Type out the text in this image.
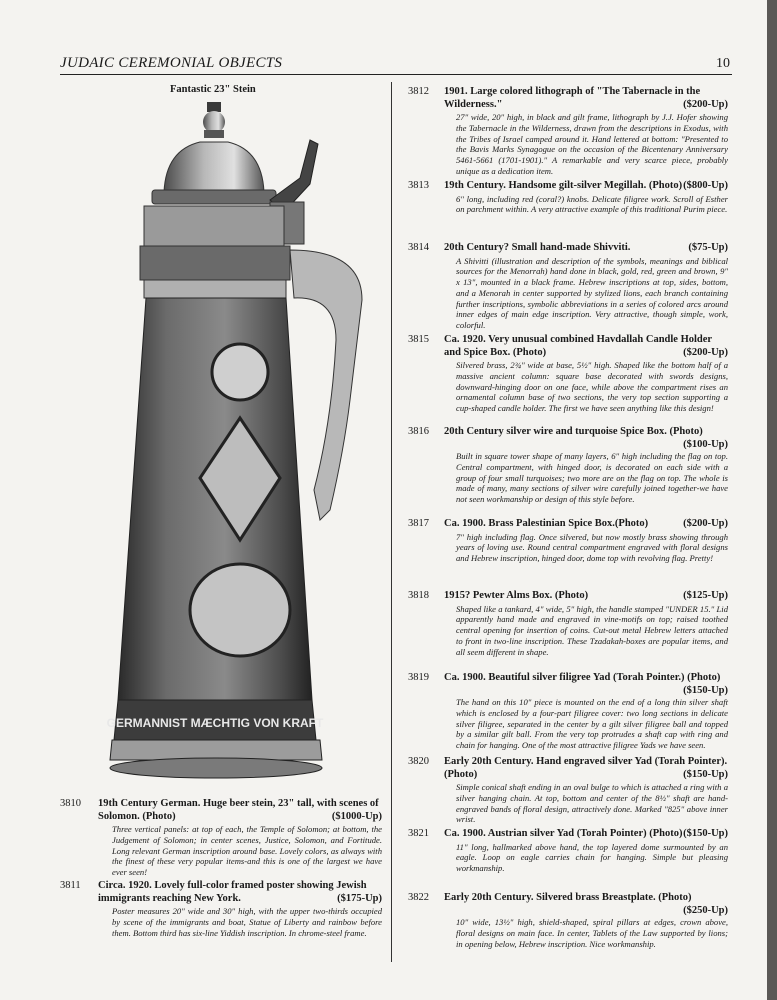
JUDAIC CEREMONIAL OBJECTS	10
Fantastic 23" Stein
GERMANNIST MÆCHTIG VON KRAFT
3810 19th Century German. Huge beer stein, 23" tall, with scenes of Solomon. (Photo)	($1000-Up)
Three vertical panels: at top of each, the Temple of Solomon; at bottom, the Judgement of Solomon; in center scenes, Justice, Solomon, and Fortitude. Long relevant German inscription around base. Lovely colors, as always with the finest of these very popular items-and this is one of the largest we have ever seen!
3811 Circa. 1920. Lovely full-color framed poster showing Jewish immigrants reaching New York.	($175-Up)
Poster measures 20" wide and 30" high, with the upper two-thirds occupied by scene of the immigrants and boat, Statue of Liberty and rainbow before them. Bottom third has six-line Yiddish inscription. In chrome-steel frame.
3812 1901. Large colored lithograph of "The Tabernacle in the Wilderness."	($200-Up)
27" wide, 20" high, in black and gilt frame, lithograph by J.J. Hofer showing the Tabernacle in the Wilderness, drawn from the descriptions in Exodus, with the Tribes of Israel camped around it. Hand lettered at bottom: "Presented to the Bavis Marks Synagogue on the occasion of the Bicentenary Anniversary 5461-5661 (1701-1901)." A remarkable and very scarce piece, probably unique as a dedication item.
3813 19th Century. Handsome gilt-silver Megillah. (Photo) ($800-Up)
6" long, including red (coral?) knobs. Delicate filigree work. Scroll of Esther on parchment within. A very attractive example of this traditional Purim piece.
3814 20th Century? Small hand-made Shivviti.	($75-Up)
A Shivitti (illustration and description of the symbols, meanings and biblical sources for the Menorrah) hand done in black, gold, red, green and brown, 9" x 13", mounted in a black frame. Hebrew inscriptions at top, sides, bottom, and a Menorah in center supported by stylized lions, each branch containing further inscriptions, symbolic abbreviations in a series of colored arcs around inner edges of main edge inscription. Very attractive, though simple, work, colorful.
3815 Ca. 1920. Very unusual combined Havdallah Candle Holder and Spice Box. (Photo)	($200-Up)
Silvered brass, 2¾" wide at base, 5½" high. Shaped like the bottom half of a massive ancient column: square base decorated with swords designs, downward-hinging door on one face, while above the compartment rises an ornamental column base of two sections, the very top section supporting a cup-shaped candle holder. The first we have seen anything like this design!
3816 20th Century silver wire and turquoise Spice Box. (Photo)
($100-Up)
Built in square tower shape of many layers, 6" high including the flag on top. Central compartment, with hinged door, is decorated on each side with a group of four small turquoises; two more are on the flag on top. The whole is made of many, many sections of silver wire carefully joined together-we have not seen workmanship or design of this style before.
3817 Ca. 1900. Brass Palestinian Spice Box.(Photo)	($200-Up)
7" high including flag. Once silvered, but now mostly brass showing through years of loving use. Round central compartment engraved with floral designs and Hebrew inscription, hinged door, dome top with revolving flag. Pretty!
3818 1915? Pewter Alms Box. (Photo)	($125-Up)
Shaped like a tankard, 4" wide, 5" high, the handle stamped "UNDER 15." Lid apparently hand made and engraved in vine-motifs on top; raised toothed central opening for insertion of coins. Cut-out metal Hebrew letters attached to front in two-line inscription. These Tzadakah-boxes are popular items, and all seem different in shape.
3819 Ca. 1900. Beautiful silver filigree Yad (Torah Pointer.) (Photo)
($150-Up)
The hand on this 10" piece is mounted on the end of a long thin silver shaft which is enclosed by a four-part filigree cover: two long sections in delicate silver filigree, separated in the center by a gilt silver filigree ball and topped by a similar gilt ball. From the very top protrudes a shaft cap with ring and chain for hanging. One of the most attractive filigree Yads we have seen.
3820 Early 20th Century. Hand engraved silver Yad (Torah Pointer). (Photo)	($150-Up)
Simple conical shaft ending in an oval bulge to which is attached a ring with a silver hanging chain. At top, bottom and center of the 8½" shaft are hand-engraved bands of floral design, attractively done. Marked "825" above inner wrist.
3821 Ca. 1900. Austrian silver Yad (Torah Pointer) (Photo) ($150-Up)
11" long, hallmarked above hand, the top layered dome surmounted by an eagle. Loop on eagle carries chain for hanging. Simple but pleasing workmanship.
3822 Early 20th Century. Silvered brass Breastplate. (Photo)
($250-Up)
10" wide, 13½" high, shield-shaped, spiral pillars at edges, crown above, floral designs on main face. In center, Tablets of the Law supported by lions; in opening below, Hebrew inscription. Nice workmanship.
